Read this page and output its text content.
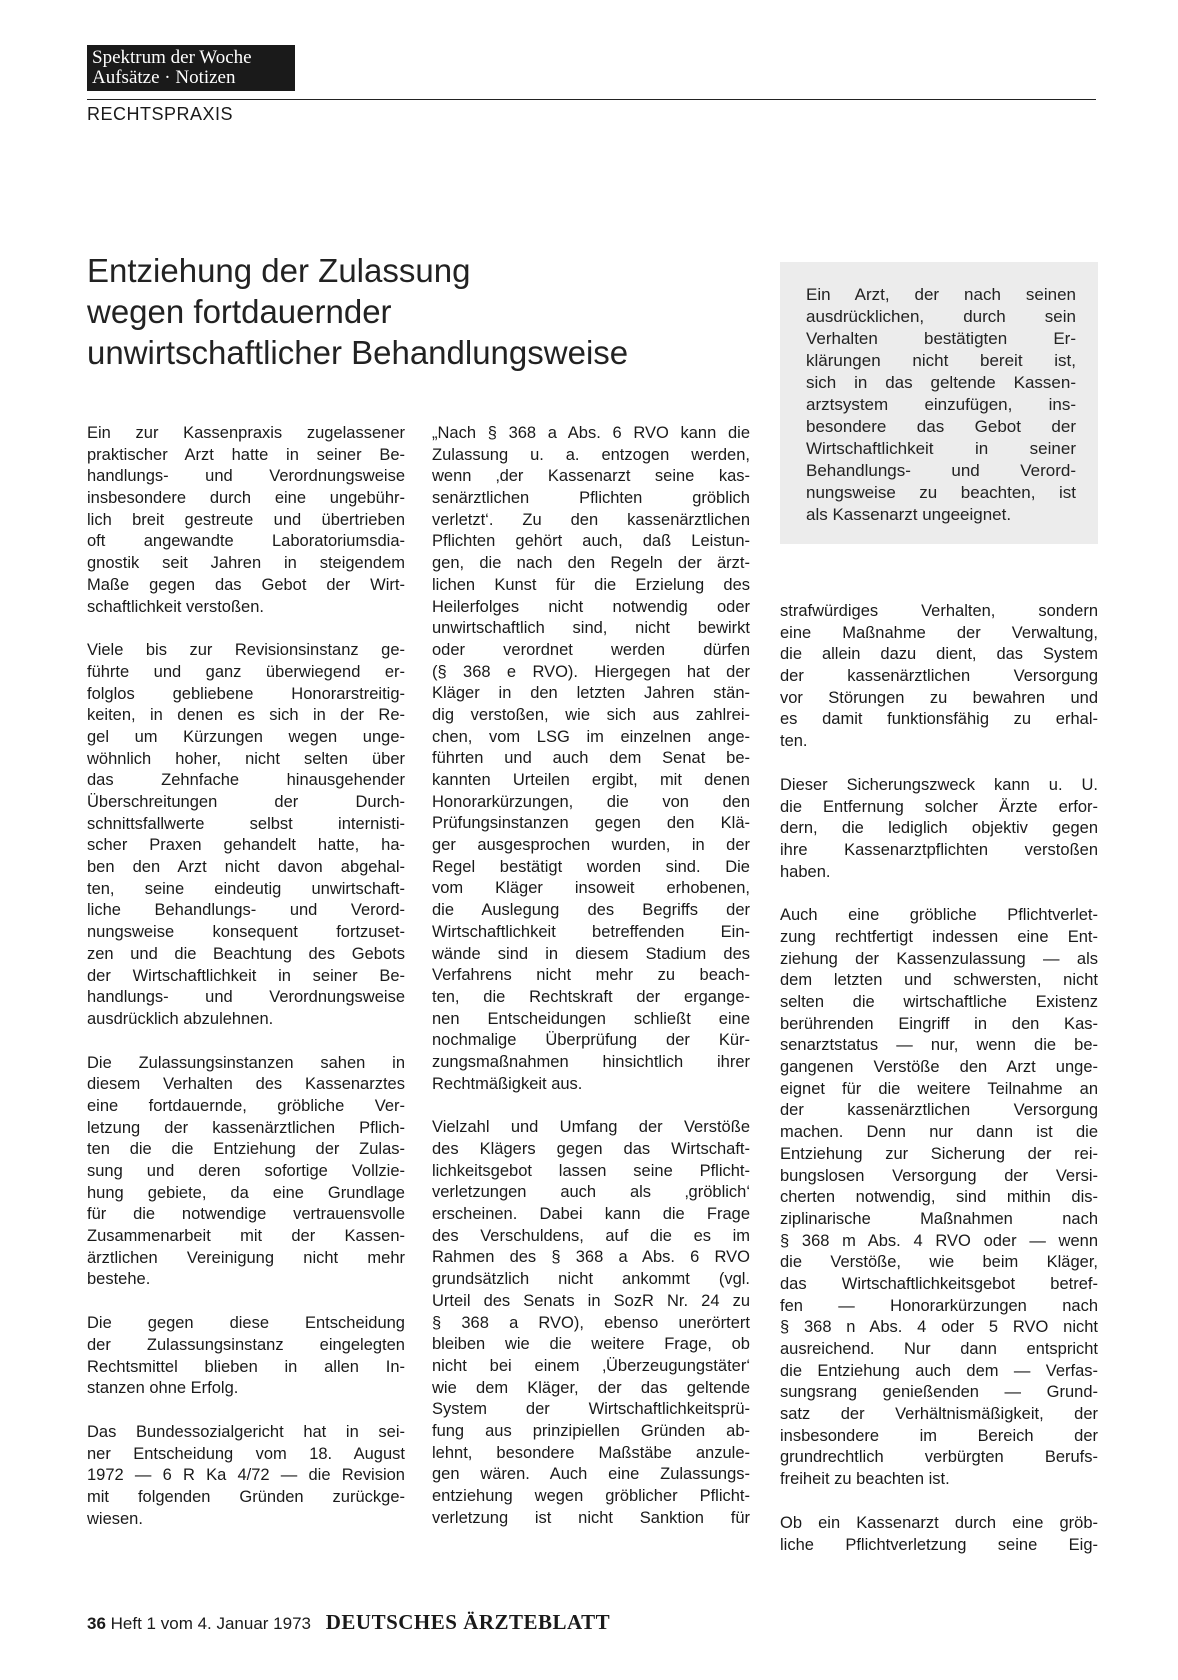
Spektrum der Woche
Aufsätze · Notizen
RECHTSPRAXIS
Entziehung der Zulassung
wegen fortdauernder
unwirtschaftlicher Behandlungsweise
Ein Arzt, der nach seinen
ausdrücklichen, durch sein
Verhalten bestätigten Er-
klärungen nicht bereit ist,
sich in das geltende Kassen-
arztsystem einzufügen, ins-
besondere das Gebot der
Wirtschaftlichkeit in seiner
Behandlungs- und Verord-
nungsweise zu beachten, ist
als Kassenarzt ungeeignet.
Ein zur Kassenpraxis zugelassener
praktischer Arzt hatte in seiner Be-
handlungs- und Verordnungsweise
insbesondere durch eine ungebühr-
lich breit gestreute und übertrieben
oft angewandte Laboratoriumsdia-
gnostik seit Jahren in steigendem
Maße gegen das Gebot der Wirt-
schaftlichkeit verstoßen.
Viele bis zur Revisionsinstanz ge-
führte und ganz überwiegend er-
folglos gebliebene Honorarstreitig-
keiten, in denen es sich in der Re-
gel um Kürzungen wegen unge-
wöhnlich hoher, nicht selten über
das Zehnfache hinausgehender
Überschreitungen der Durch-
schnittsfallwerte selbst internisti-
scher Praxen gehandelt hatte, ha-
ben den Arzt nicht davon abgehal-
ten, seine eindeutig unwirtschaft-
liche Behandlungs- und Verord-
nungsweise konsequent fortzuset-
zen und die Beachtung des Gebots
der Wirtschaftlichkeit in seiner Be-
handlungs- und Verordnungsweise
ausdrücklich abzulehnen.
Die Zulassungsinstanzen sahen in
diesem Verhalten des Kassenarztes
eine fortdauernde, gröbliche Ver-
letzung der kassenärztlichen Pflich-
ten die die Entziehung der Zulas-
sung und deren sofortige Vollzie-
hung gebiete, da eine Grundlage
für die notwendige vertrauensvolle
Zusammenarbeit mit der Kassen-
ärztlichen Vereinigung nicht mehr
bestehe.
Die gegen diese Entscheidung
der Zulassungsinstanz eingelegten
Rechtsmittel blieben in allen In-
stanzen ohne Erfolg.
Das Bundessozialgericht hat in sei-
ner Entscheidung vom 18. August
1972 — 6 R Ka 4/72 — die Revision
mit folgenden Gründen zurückge-
wiesen.
„Nach § 368 a Abs. 6 RVO kann die
Zulassung u. a. entzogen werden,
wenn ‚der Kassenarzt seine kas-
senärztlichen Pflichten gröblich
verletzt‘. Zu den kassenärztlichen
Pflichten gehört auch, daß Leistun-
gen, die nach den Regeln der ärzt-
lichen Kunst für die Erzielung des
Heilerfolges nicht notwendig oder
unwirtschaftlich sind, nicht bewirkt
oder verordnet werden dürfen
(§ 368 e RVO). Hiergegen hat der
Kläger in den letzten Jahren stän-
dig verstoßen, wie sich aus zahlrei-
chen, vom LSG im einzelnen ange-
führten und auch dem Senat be-
kannten Urteilen ergibt, mit denen
Honorarkürzungen, die von den
Prüfungsinstanzen gegen den Klä-
ger ausgesprochen wurden, in der
Regel bestätigt worden sind. Die
vom Kläger insoweit erhobenen,
die Auslegung des Begriffs der
Wirtschaftlichkeit betreffenden Ein-
wände sind in diesem Stadium des
Verfahrens nicht mehr zu beach-
ten, die Rechtskraft der ergange-
nen Entscheidungen schließt eine
nochmalige Überprüfung der Kür-
zungsmaßnahmen hinsichtlich ihrer
Rechtmäßigkeit aus.
Vielzahl und Umfang der Verstöße
des Klägers gegen das Wirtschaft-
lichkeitsgebot lassen seine Pflicht-
verletzungen auch als ‚gröblich‘
erscheinen. Dabei kann die Frage
des Verschuldens, auf die es im
Rahmen des § 368 a Abs. 6 RVO
grundsätzlich nicht ankommt (vgl.
Urteil des Senats in SozR Nr. 24 zu
§ 368 a RVO), ebenso unerörtert
bleiben wie die weitere Frage, ob
nicht bei einem ‚Überzeugungstäter‘
wie dem Kläger, der das geltende
System der Wirtschaftlichkeitsprü-
fung aus prinzipiellen Gründen ab-
lehnt, besondere Maßstäbe anzule-
gen wären. Auch eine Zulassungs-
entziehung wegen gröblicher Pflicht-
verletzung ist nicht Sanktion für
strafwürdiges Verhalten, sondern
eine Maßnahme der Verwaltung,
die allein dazu dient, das System
der kassenärztlichen Versorgung
vor Störungen zu bewahren und
es damit funktionsfähig zu erhal-
ten.
Dieser Sicherungszweck kann u. U.
die Entfernung solcher Ärzte erfor-
dern, die lediglich objektiv gegen
ihre Kassenarztpflichten verstoßen
haben.
Auch eine gröbliche Pflichtverlet-
zung rechtfertigt indessen eine Ent-
ziehung der Kassenzulassung — als
dem letzten und schwersten, nicht
selten die wirtschaftliche Existenz
berührenden Eingriff in den Kas-
senarztstatus — nur, wenn die be-
gangenen Verstöße den Arzt unge-
eignet für die weitere Teilnahme an
der kassenärztlichen Versorgung
machen. Denn nur dann ist die
Entziehung zur Sicherung der rei-
bungslosen Versorgung der Versi-
cherten notwendig, sind mithin dis-
ziplinarische Maßnahmen nach
§ 368 m Abs. 4 RVO oder — wenn
die Verstöße, wie beim Kläger,
das Wirtschaftlichkeitsgebot betref-
fen — Honorarkürzungen nach
§ 368 n Abs. 4 oder 5 RVO nicht
ausreichend. Nur dann entspricht
die Entziehung auch dem — Verfas-
sungsrang genießenden — Grund-
satz der Verhältnismäßigkeit, der
insbesondere im Bereich der
grundrechtlich verbürgten Berufs-
freiheit zu beachten ist.
Ob ein Kassenarzt durch eine gröb-
liche Pflichtverletzung seine Eig-
36 Heft 1 vom 4. Januar 1973 DEUTSCHES ÄRZTEBLATT
